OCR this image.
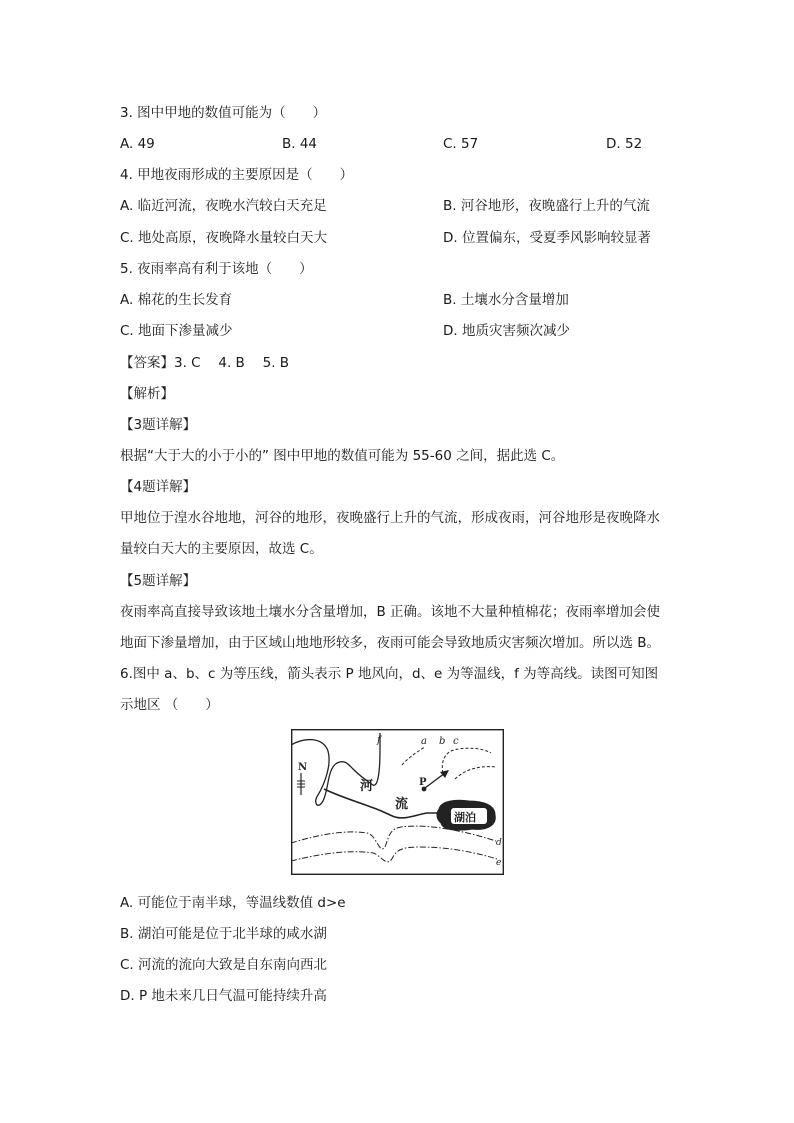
3. 图中甲地的数值可能为（　　）
A. 49	B. 44	C. 57	D. 52
4. 甲地夜雨形成的主要原因是（　　）
A. 临近河流，夜晚水汽较白天充足	B. 河谷地形，夜晚盛行上升的气流
C. 地处高原，夜晚降水量较白天大	D. 位置偏东，受夏季风影响较显著
5. 夜雨率高有利于该地（　　）
A. 棉花的生长发育	B. 土壤水分含量增加
C. 地面下渗量减少	D. 地质灾害频次减少
【答案】3. C　 4. B　 5. B
【解析】
【3题详解】
根据“大于大的小于小的” 图中甲地的数值可能为 55-60 之间，据此选 C。
【4题详解】
甲地位于湟水谷地地，河谷的地形，夜晚盛行上升的气流，形成夜雨，河谷地形是夜晚降水
量较白天大的主要原因，故选 C。
【5题详解】
夜雨率高直接导致该地土壤水分含量增加，B 正确。该地不大量种植棉花；夜雨率增加会使
地面下渗量增加，由于区域山地地形较多，夜雨可能会导致地质灾害频次增加。所以选 B。
6.图中 a、b、c 为等压线，箭头表示 P 地风向，d、e 为等温线，f 为等高线。读图可知图
示地区 （　　）
N
f	a b c
P
河
流
湖泊
d
e
A. 可能位于南半球，等温线数值 d>e
B. 湖泊可能是位于北半球的咸水湖
C. 河流的流向大致是自东南向西北
D. P 地未来几日气温可能持续升高
